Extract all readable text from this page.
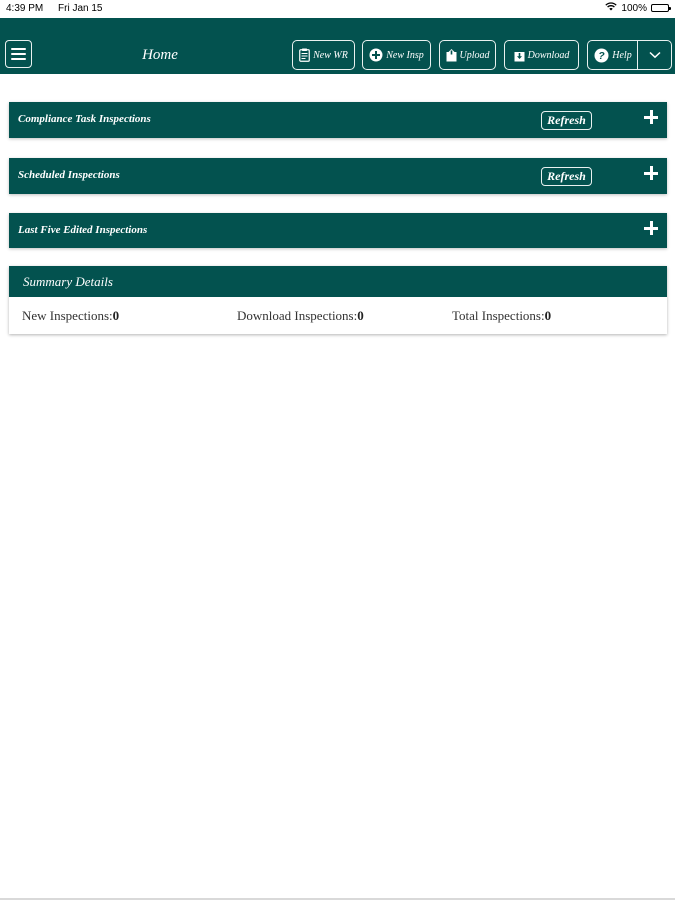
4:39 PM Fri Jan 15	100%
Home	New WR	New Insp	Upload	Download	? Help
Compliance Task Inspections	Refresh
Scheduled Inspections	Refresh
Last Five Edited Inspections
Summary Details
New Inspections:0	Download Inspections:0	Total Inspections:0
